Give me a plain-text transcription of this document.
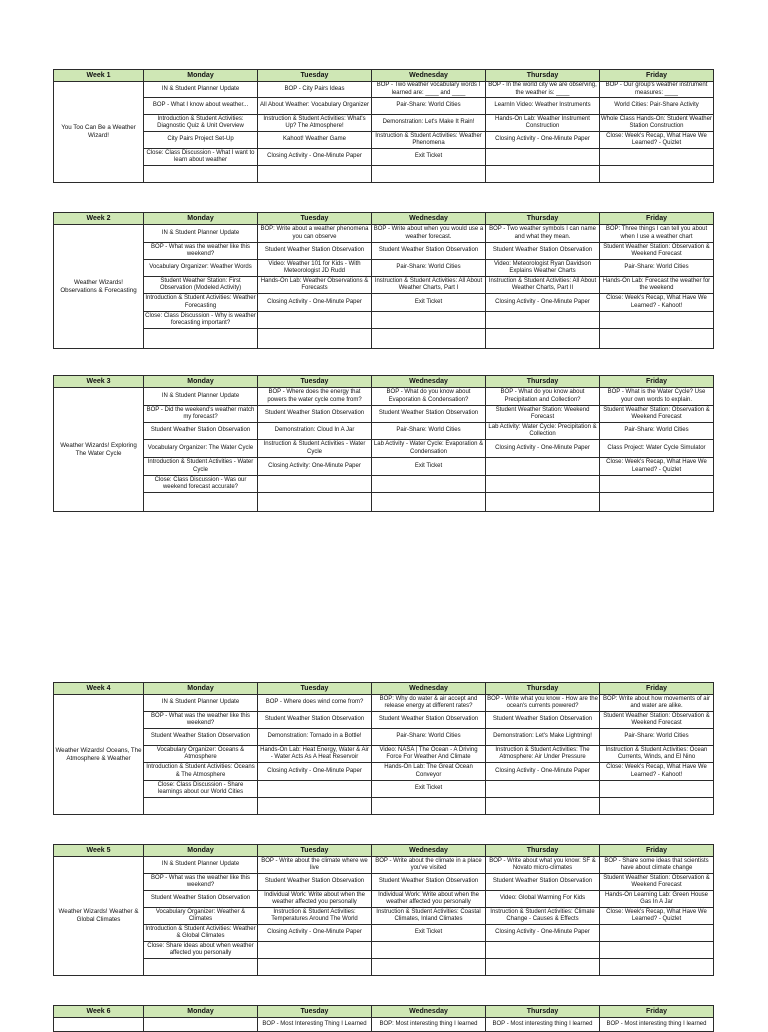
Week 1	Monday	Tuesday	Wednesday	Thursday	Friday
You Too Can Be a Weather Wizard!	IN & Student Planner Update	BOP - City Pairs Ideas	BOP - Two weather vocabulary words I learned are: ____ and ____	BOP - In the world city we are observing, the weather is: ____	BOP - Our group's weather instrument measures: ____
	BOP - What I know about weather...	All About Weather: Vocabulary Organizer	Pair-Share: World Cities	LearnIn Video: Weather Instruments	World Cities: Pair-Share Activity
	Introduction & Student Activities: Diagnostic Quiz & Unit Overview	Instruction & Student Activities: What's Up? The Atmosphere!	Demonstration: Let's Make It Rain!	Hands-On Lab: Weather Instrument Construction	Whole Class Hands-On: Student Weather Station Construction
	City Pairs Project Set-Up	Kahoot! Weather Game	Instruction & Student Activities: Weather Phenomena	Closing Activity - One-Minute Paper	Close: Week's Recap, What Have We Learned? - Quizlet
	Close: Class Discussion - What I want to learn about weather	Closing Activity - One-Minute Paper	Exit Ticket		

Week 2	Monday	Tuesday	Wednesday	Thursday	Friday
Weather Wizards! Observations & Forecasting	IN & Student Planner Update	BOP: Write about a weather phenomena you can observe	BOP - Write about when you would use a weather forecast.	BOP - Two weather symbols I can name and what they mean.	BOP: Three things I can tell you about when I use a weather chart
	BOP - What was the weather like this weekend?	Student Weather Station Observation	Student Weather Station Observation	Student Weather Station Observation	Student Weather Station: Observation & Weekend Forecast
	Vocabulary Organizer: Weather Words	Video: Weather 101 for Kids - With Meteorologist JD Rudd	Pair-Share: World Cities	Video: Meteorologist Ryan Davidson Explains Weather Charts	Pair-Share: World Cities
	Student Weather Station: First Observation (Modeled Activity)	Hands-On Lab: Weather Observations & Forecasts	Instruction & Student Activities: All About Weather Charts, Part I	Instruction & Student Activities: All About Weather Charts, Part II	Hands-On Lab: Forecast the weather for the weekend
	Introduction & Student Activities: Weather Forecasting	Closing Activity - One-Minute Paper	Exit Ticket	Closing Activity - One-Minute Paper	Close: Week's Recap, What Have We Learned? - Kahoot!
	Close: Class Discussion - Why is weather forecasting important?				

Week 3	Monday	Tuesday	Wednesday	Thursday	Friday
Weather Wizards! Exploring The Water Cycle	IN & Student Planner Update	BOP - Where does the energy that powers the water cycle come from?	BOP - What do you know about Evaporation & Condensation?	BOP - What do you know about Precipitation and Collection?	BOP - What is the Water Cycle? Use your own words to explain.
	BOP - Did the weekend's weather match my forecast?	Student Weather Station Observation	Student Weather Station Observation	Student Weather Station: Weekend Forecast	Student Weather Station: Observation & Weekend Forecast
	Student Weather Station Observation	Demonstration: Cloud In A Jar	Pair-Share: World Cities	Lab Activity: Water Cycle: Precipitation & Collection	Pair-Share: World Cities
	Vocabulary Organizer: The Water Cycle	Instruction & Student Activities - Water Cycle	Lab Activity - Water Cycle: Evaporation & Condensation	Closing Activity - One-Minute Paper	Class Project: Water Cycle Simulator
	Introduction & Student Activities - Water Cycle	Closing Activity: One-Minute Paper	Exit Ticket		Close: Week's Recap, What Have We Learned? - Quizlet
	Close: Class Discussion - Was our weekend forecast accurate?				

Week 4	Monday	Tuesday	Wednesday	Thursday	Friday
Weather Wizards! Oceans, The Atmosphere & Weather	IN & Student Planner Update	BOP - Where does wind come from?	BOP: Why do water & air accept and release energy at different rates?	BOP - Write what you know - How are the ocean's currents powered?	BOP: Write about how movements of air and water are alike.
	BOP - What was the weather like this weekend?	Student Weather Station Observation	Student Weather Station Observation	Student Weather Station Observation	Student Weather Station: Observation & Weekend Forecast
	Student Weather Station Observation	Demonstration: Tornado in a Bottle!	Pair-Share: World Cities	Demonstration: Let's Make Lightning!	Pair-Share: World Cities
	Vocabulary Organizer: Oceans & Atmosphere	Hands-On Lab: Heat Energy, Water & Air - Water Acts As A Heat Reservoir	Video: NASA | The Ocean - A Driving Force For Weather And Climate	Instruction & Student Activities: The Atmosphere: Air Under Pressure	Instruction & Student Activities: Ocean Currents, Winds, and El Nino
	Introduction & Student Activities: Oceans & The Atmosphere	Closing Activity - One-Minute Paper	Hands-On Lab: The Great Ocean Conveyor	Closing Activity - One-Minute Paper	Close: Week's Recap, What Have We Learned? - Kahoot!
	Close: Class Discussion - Share learnings about our World Cities		Exit Ticket		

Week 5	Monday	Tuesday	Wednesday	Thursday	Friday
Weather Wizards! Weather & Global Climates	IN & Student Planner Update	BOP - Write about the climate where we live	BOP - Write about the climate in a place you've visited	BOP - Write about what you know: SF & Novato micro-climates	BOP - Share some ideas that scientists have about climate change
	BOP - What was the weather like this weekend?	Student Weather Station Observation	Student Weather Station Observation	Student Weather Station Observation	Student Weather Station: Observation & Weekend Forecast
	Student Weather Station Observation	Individual Work: Write about when the weather affected you personally	Individual Work: Write about when the weather affected you personally	Video: Global Warming For Kids	Hands-On Learning Lab: Green House Gas In A Jar
	Vocabulary Organizer: Weather & Climates	Instruction & Student Activities: Temperatures Around The World	Instruction & Student Activities: Coastal Climates, Inland Climates	Instruction & Student Activities: Climate Change - Causes & Effects	Close: Week's Recap, What Have We Learned? - Quizlet
	Introduction & Student Activities: Weather & Global Climates	Closing Activity - One-Minute Paper	Exit Ticket	Closing Activity - One-Minute Paper	
	Close: Share ideas about when weather affected you personally				

Week 6	Monday	Tuesday	Wednesday	Thursday	Friday
		BOP - Most Interesting Thing I Learned	BOP: Most interesting thing I learned	BOP - Most interesting thing I learned	BOP - Most interesting thing I learned
